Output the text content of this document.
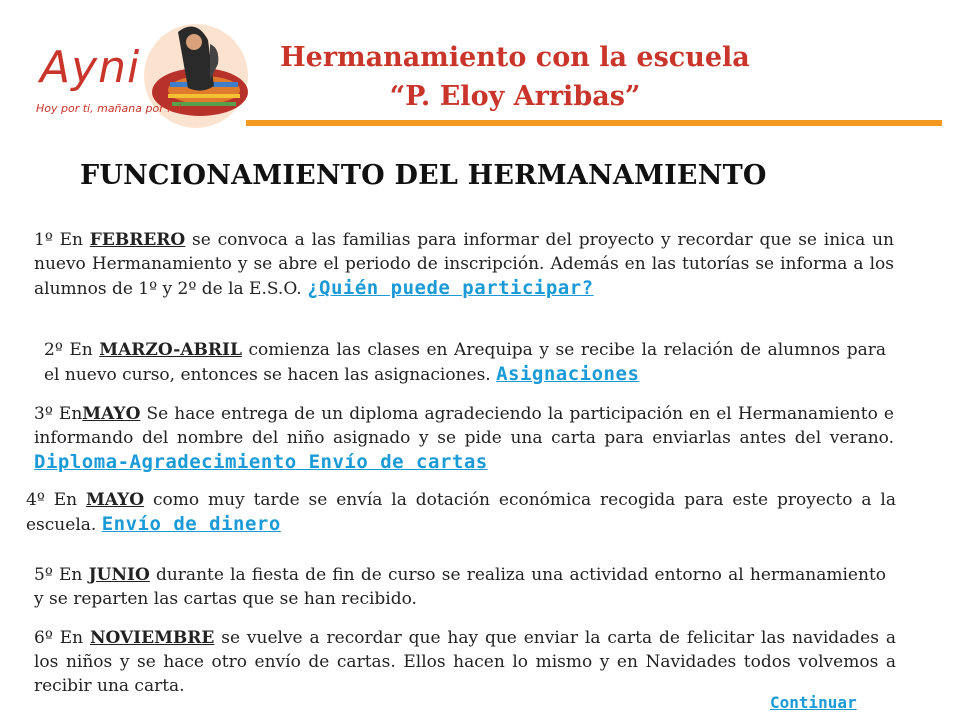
Ayni
Hoy por ti, mañana por mi
Hermanamiento con la escuela
“P. Eloy Arribas”
FUNCIONAMIENTO DEL HERMANAMIENTO
1º En FEBRERO se convoca a las familias para informar del proyecto y recordar que se inica un nuevo Hermanamiento y se abre el periodo de inscripción. Además en las tutorías se informa a los alumnos de 1º y 2º de la E.S.O. ¿Quién puede participar?
2º En MARZO-ABRIL comienza las clases en Arequipa y se recibe la relación de alumnos para el nuevo curso, entonces se hacen las asignaciones. Asignaciones
3º EnMAYO Se hace entrega de un diploma agradeciendo la participación en el Hermanamiento e informando del nombre del niño asignado y se pide una carta para enviarlas antes del verano. Diploma-Agradecimiento Envío de cartas
4º En MAYO como muy tarde se envía la dotación económica recogida para este proyecto a la escuela. Envío de dinero
5º En JUNIO durante la fiesta de fin de curso se realiza una actividad entorno al hermanamiento y se reparten las cartas que se han recibido.
6º En NOVIEMBRE se vuelve a recordar que hay que enviar la carta de felicitar las navidades a los niños y se hace otro envío de cartas. Ellos hacen lo mismo y en Navidades todos volvemos a recibir una carta.
Continuar
